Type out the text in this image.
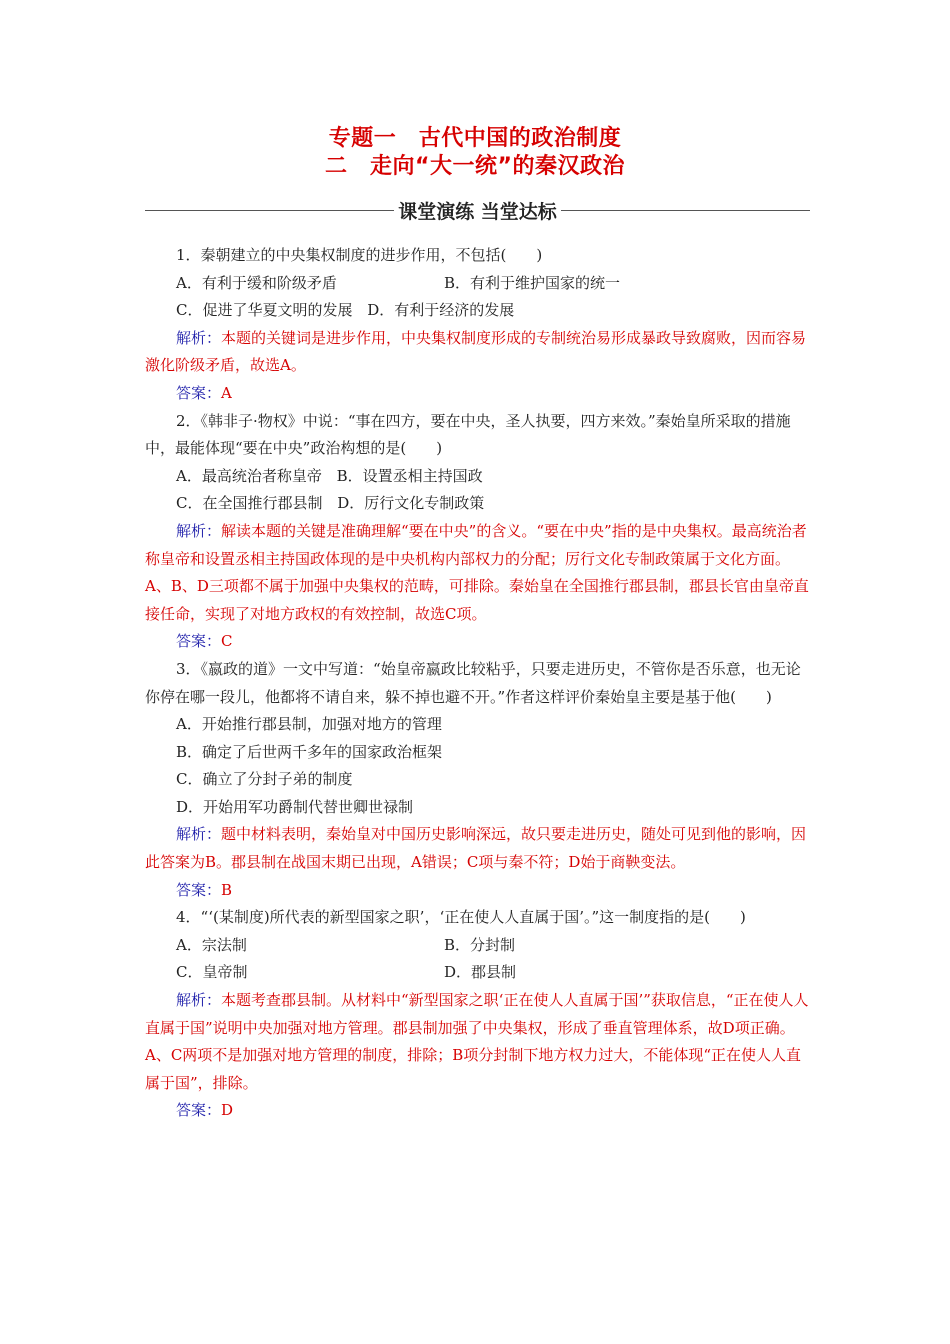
专题一　古代中国的政治制度
二　走向“大一统”的秦汉政治
课堂演练 当堂达标

1．秦朝建立的中央集权制度的进步作用，不包括(　　)

A．有利于缓和阶级矛盾	B．有利于维护国家的统一

C．促进了华夏文明的发展 D．有利于经济的发展

解析：本题的关键词是进步作用，中央集权制度形成的专制统治易形成暴政导致腐败，因而容易激化阶级矛盾，故选A。

答案：A

2．《韩非子·物权》中说：“事在四方，要在中央，圣人执要，四方来效。”秦始皇所采取的措施中，最能体现“要在中央”政治构想的是(　　)

A．最高统治者称皇帝 B．设置丞相主持国政

C．在全国推行郡县制 D．厉行文化专制政策

解析：解读本题的关键是准确理解“要在中央”的含义。“要在中央”指的是中央集权。最高统治者称皇帝和设置丞相主持国政体现的是中央机构内部权力的分配；厉行文化专制政策属于文化方面。A、B、D三项都不属于加强中央集权的范畴，可排除。秦始皇在全国推行郡县制，郡县长官由皇帝直接任命，实现了对地方政权的有效控制，故选C项。

答案：C

3．《嬴政的道》一文中写道：“始皇帝嬴政比较粘乎，只要走进历史，不管你是否乐意，也无论你停在哪一段儿，他都将不请自来，躲不掉也避不开。”作者这样评价秦始皇主要是基于他(　　)

A．开始推行郡县制，加强对地方的管理

B．确定了后世两千多年的国家政治框架

C．确立了分封子弟的制度

D．开始用军功爵制代替世卿世禄制

解析：题中材料表明，秦始皇对中国历史影响深远，故只要走进历史，随处可见到他的影响，因此答案为B。郡县制在战国末期已出现，A错误；C项与秦不符；D始于商鞅变法。

答案：B

4．“‘(某制度)所代表的新型国家之职’，‘正在使人人直属于国’。”这一制度指的是(　　)

A．宗法制	B．分封制
C．皇帝制	D．郡县制

解析：本题考查郡县制。从材料中“新型国家之职‘正在使人人直属于国’”获取信息，“正在使人人直属于国”说明中央加强对地方管理。郡县制加强了中央集权，形成了垂直管理体系，故D项正确。A、C两项不是加强对地方管理的制度，排除；B项分封制下地方权力过大，不能体现“正在使人人直属于国”，排除。

答案：D
